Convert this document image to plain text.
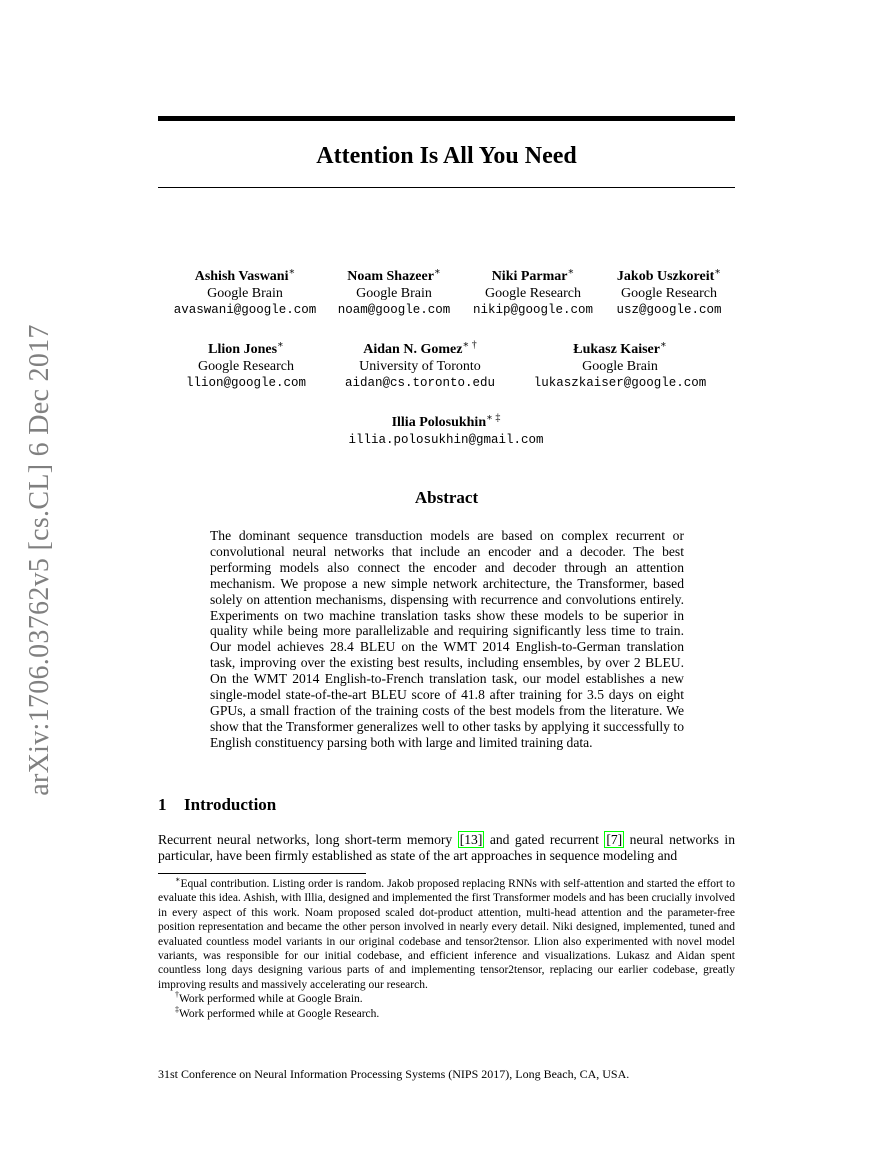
arXiv:1706.03762v5 [cs.CL] 6 Dec 2017
Attention Is All You Need
Ashish Vaswani∗
Google Brain
avaswani@google.com
Noam Shazeer∗
Google Brain
noam@google.com
Niki Parmar∗
Google Research
nikip@google.com
Jakob Uszkoreit∗
Google Research
usz@google.com
Llion Jones∗
Google Research
llion@google.com
Aidan N. Gomez∗ †
University of Toronto
aidan@cs.toronto.edu
Łukasz Kaiser∗
Google Brain
lukaszkaiser@google.com
Illia Polosukhin∗ ‡
illia.polosukhin@gmail.com
Abstract
The dominant sequence transduction models are based on complex recurrent or convolutional neural networks that include an encoder and a decoder. The best performing models also connect the encoder and decoder through an attention mechanism. We propose a new simple network architecture, the Transformer, based solely on attention mechanisms, dispensing with recurrence and convolutions entirely. Experiments on two machine translation tasks show these models to be superior in quality while being more parallelizable and requiring significantly less time to train. Our model achieves 28.4 BLEU on the WMT 2014 English-to-German translation task, improving over the existing best results, including ensembles, by over 2 BLEU. On the WMT 2014 English-to-French translation task, our model establishes a new single-model state-of-the-art BLEU score of 41.8 after training for 3.5 days on eight GPUs, a small fraction of the training costs of the best models from the literature. We show that the Transformer generalizes well to other tasks by applying it successfully to English constituency parsing both with large and limited training data.
1 Introduction
Recurrent neural networks, long short-term memory [13] and gated recurrent [7] neural networks in particular, have been firmly established as state of the art approaches in sequence modeling and
∗Equal contribution. Listing order is random. Jakob proposed replacing RNNs with self-attention and started the effort to evaluate this idea. Ashish, with Illia, designed and implemented the first Transformer models and has been crucially involved in every aspect of this work. Noam proposed scaled dot-product attention, multi-head attention and the parameter-free position representation and became the other person involved in nearly every detail. Niki designed, implemented, tuned and evaluated countless model variants in our original codebase and tensor2tensor. Llion also experimented with novel model variants, was responsible for our initial codebase, and efficient inference and visualizations. Lukasz and Aidan spent countless long days designing various parts of and implementing tensor2tensor, replacing our earlier codebase, greatly improving results and massively accelerating our research.
†Work performed while at Google Brain.
‡Work performed while at Google Research.
31st Conference on Neural Information Processing Systems (NIPS 2017), Long Beach, CA, USA.
